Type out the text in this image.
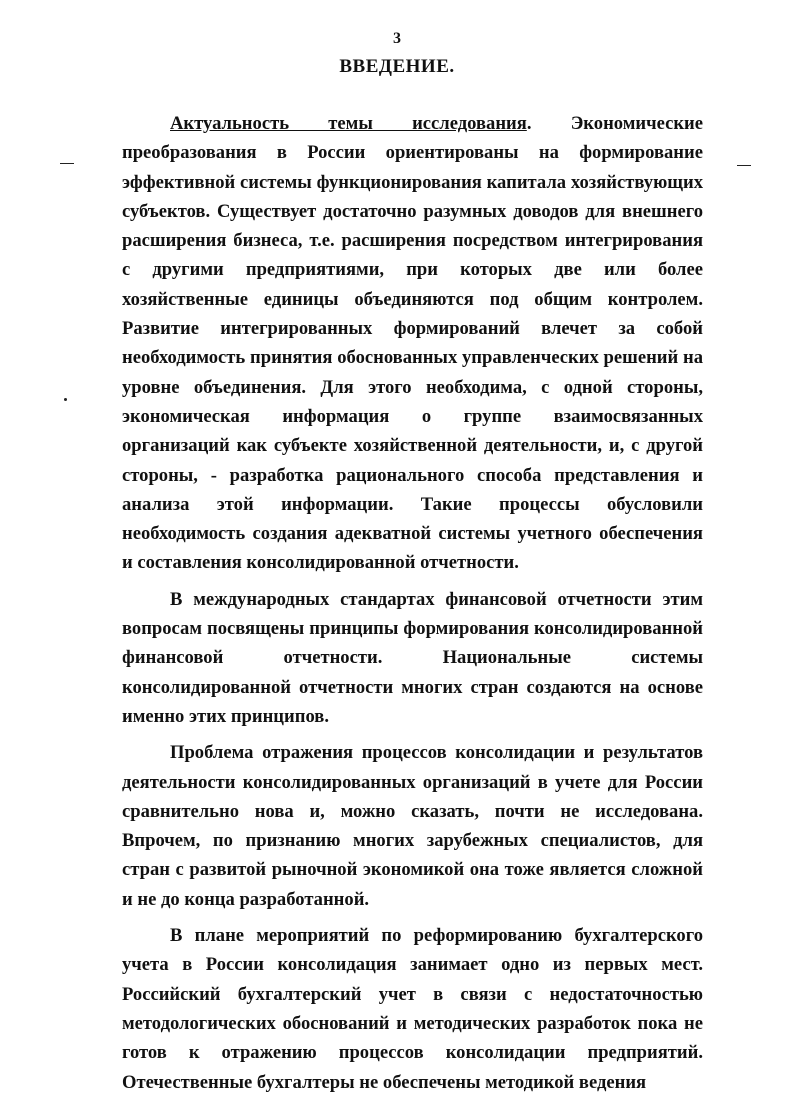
3
ВВЕДЕНИЕ.

Актуальность темы исследования. Экономические преобразования в России ориентированы на формирование эффективной системы функционирования капитала хозяйствующих субъектов. Существует достаточно разумных доводов для внешнего расширения бизнеса, т.е. расширения посредством интегрирования с другими предприятиями, при которых две или более хозяйственные единицы объединяются под общим контролем. Развитие интегрированных формирований влечет за собой необходимость принятия обоснованных управленческих решений на уровне объединения. Для этого необходима, с одной стороны, экономическая информация о группе взаимосвязанных организаций как субъекте хозяйственной деятельности, и, с другой стороны, - разработка рационального способа представления и анализа этой информации. Такие процессы обусловили необходимость создания адекватной системы учетного обеспечения и составления консолидированной отчетности.

В международных стандартах финансовой отчетности этим вопросам посвящены принципы формирования консолидированной финансовой отчетности. Национальные системы консолидированной отчетности многих стран создаются на основе именно этих принципов.

Проблема отражения процессов консолидации и результатов деятельности консолидированных организаций в учете для России сравнительно нова и, можно сказать, почти не исследована. Впрочем, по признанию многих зарубежных специалистов, для стран с развитой рыночной экономикой она тоже является сложной и не до конца разработанной.

В плане мероприятий по реформированию бухгалтерского учета в России консолидация занимает одно из первых мест. Российский бухгалтерский учет в связи с недостаточностью методологических обоснований и методических разработок пока не готов к отражению процессов консолидации предприятий. Отечественные бухгалтеры не обеспечены методикой ведения
